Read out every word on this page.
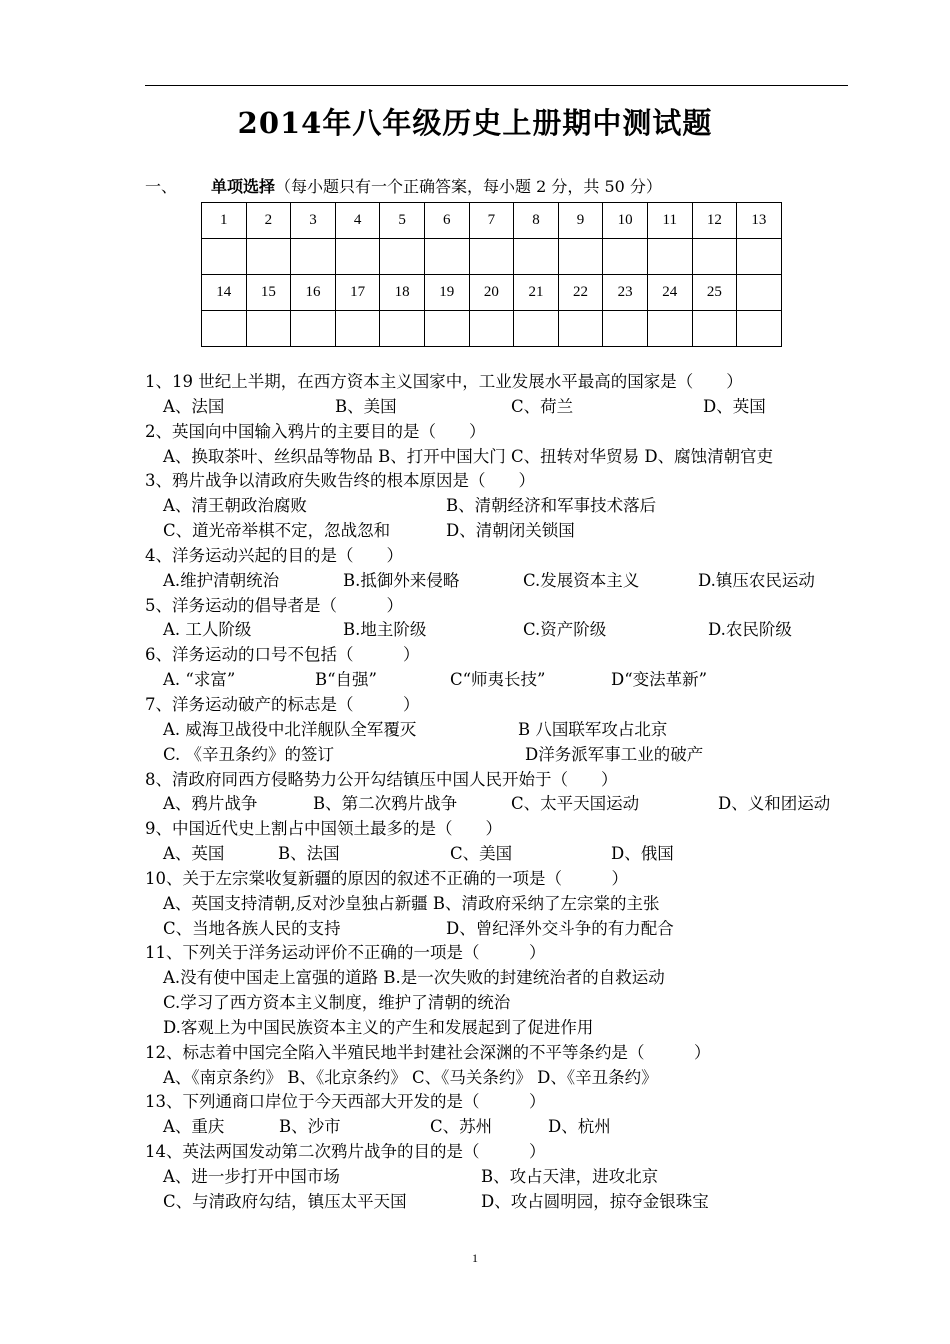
2014年八年级历史上册期中测试题
一、 单项选择（每小题只有一个正确答案，每小题 2 分，共 50 分）
1	2	3	4	5	6	7	8	9	10	11	12	13

14	15	16	17	18	19	20	21	22	23	24	25	

1、19 世纪上半期，在西方资本主义国家中，工业发展水平最高的国家是（　　）
A、法国	B、美国	C、荷兰	D、英国
2、英国向中国输入鸦片的主要目的是（　　）
A、换取茶叶、丝织品等物品 B、打开中国大门 C、扭转对华贸易 D、腐蚀清朝官吏
3、鸦片战争以清政府失败告终的根本原因是（　　）
A、清王朝政治腐败	B、清朝经济和军事技术落后
C、道光帝举棋不定，忽战忽和	D、清朝闭关锁国
4、洋务运动兴起的目的是（　　）
A.维护清朝统治	B.抵御外来侵略	C.发展资本主义	D.镇压农民运动
5、洋务运动的倡导者是（　　　）
A. 工人阶级	B.地主阶级	C.资产阶级	D.农民阶级
6、洋务运动的口号不包括（　　　）
A. “求富”	B“自强”	C“师夷长技”	D“变法革新”
7、洋务运动破产的标志是（　　　）
A. 威海卫战役中北洋舰队全军覆灭	B 八国联军攻占北京
C. 《辛丑条约》的签订	D洋务派军事工业的破产
8、清政府同西方侵略势力公开勾结镇压中国人民开始于（　　）
A、鸦片战争	B、第二次鸦片战争	C、太平天国运动	D、义和团运动
9、中国近代史上割占中国领土最多的是（　　）
A、英国	B、法国	C、美国	D、俄国
10、关于左宗棠收复新疆的原因的叙述不正确的一项是（　　　）
A、英国支持清朝,反对沙皇独占新疆 B、清政府采纳了左宗棠的主张
C、当地各族人民的支持	D、曾纪泽外交斗争的有力配合
11、下列关于洋务运动评价不正确的一项是（　　　）
A.没有使中国走上富强的道路 B.是一次失败的封建统治者的自救运动
C.学习了西方资本主义制度，维护了清朝的统治
D.客观上为中国民族资本主义的产生和发展起到了促进作用
12、标志着中国完全陷入半殖民地半封建社会深渊的不平等条约是（　　　）
A、《南京条约》 B、《北京条约》 C、《马关条约》 D、《辛丑条约》
13、下列通商口岸位于今天西部大开发的是（　　　）
A、重庆	B、沙市	C、苏州	D、杭州
14、英法两国发动第二次鸦片战争的目的是（　　　）
A、进一步打开中国市场	B、攻占天津，进攻北京
C、与清政府勾结，镇压太平天国	D、攻占圆明园，掠夺金银珠宝
1
